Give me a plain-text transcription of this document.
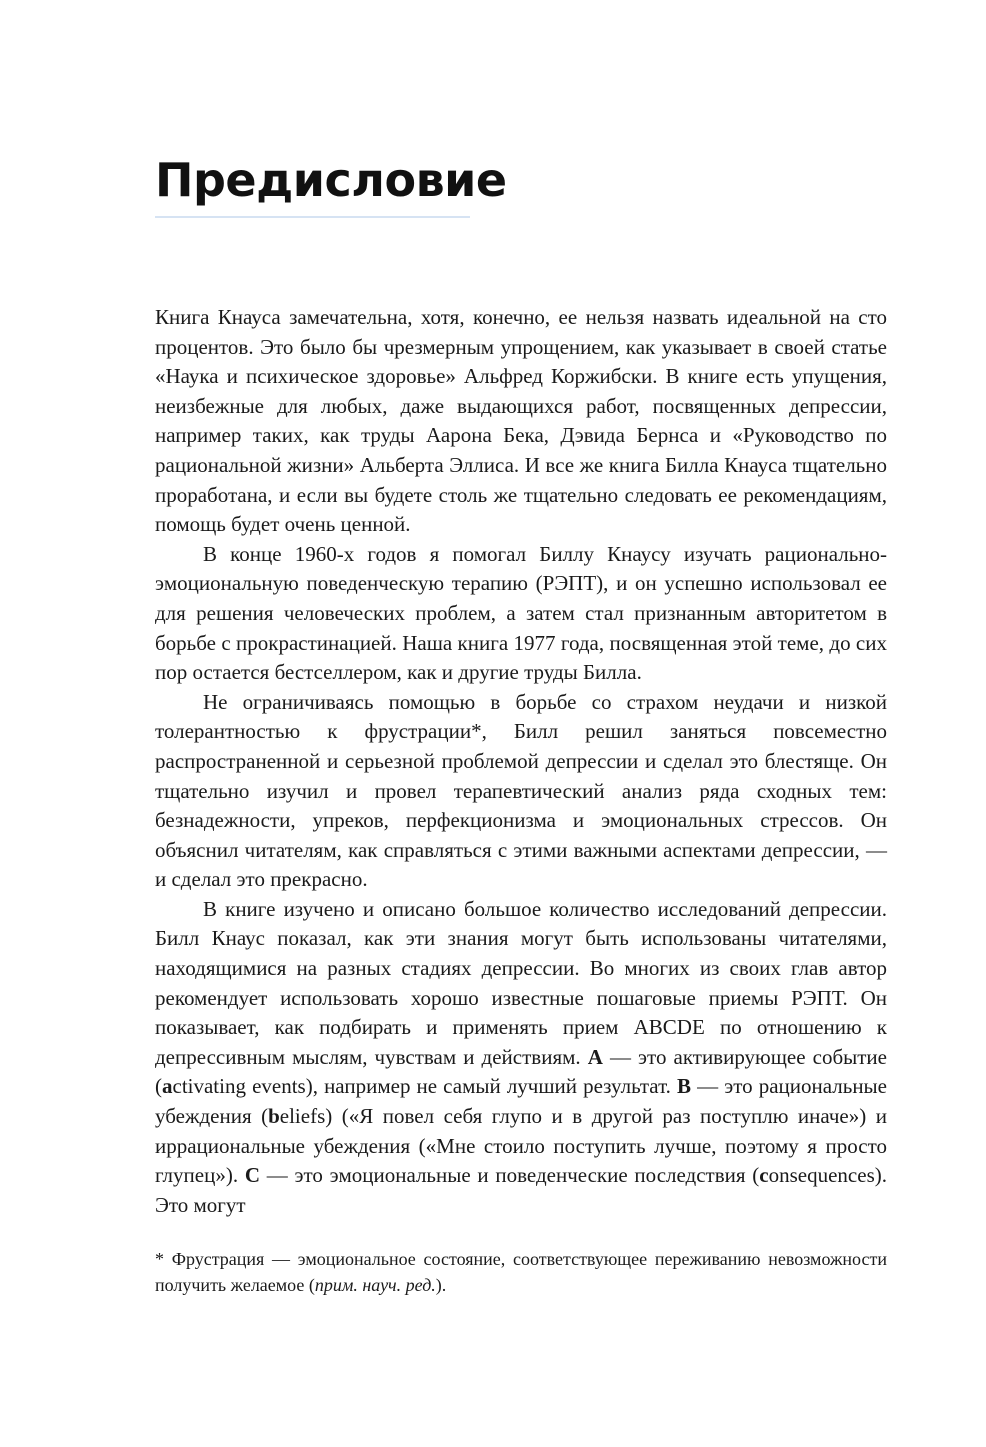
Предисловие

Книга Кнауса замечательна, хотя, конечно, ее нельзя назвать идеальной на сто процентов. Это было бы чрезмерным упрощением, как указывает в своей статье «Наука и психическое здоровье» Альфред Коржибски. В книге есть упущения, неизбежные для любых, даже выдающихся работ, посвященных депрессии, например таких, как труды Аарона Бека, Дэвида Бернса и «Руководство по рациональной жизни» Альберта Эллиса. И все же книга Билла Кнауса тщательно проработана, и если вы будете столь же тщательно следовать ее рекомендациям, помощь будет очень ценной.

В конце 1960-х годов я помогал Биллу Кнаусу изучать рационально-эмоциональную поведенческую терапию (РЭПТ), и он успешно использовал ее для решения человеческих проблем, а затем стал признанным авторитетом в борьбе с прокрастинацией. Наша книга 1977 года, посвященная этой теме, до сих пор остается бестселлером, как и другие труды Билла.

Не ограничиваясь помощью в борьбе со страхом неудачи и низкой толерантностью к фрустрации*, Билл решил заняться повсеместно распространенной и серьезной проблемой депрессии и сделал это блестяще. Он тщательно изучил и провел терапевтический анализ ряда сходных тем: безнадежности, упреков, перфекционизма и эмоциональных стрессов. Он объяснил читателям, как справляться с этими важными аспектами депрессии, — и сделал это прекрасно.

В книге изучено и описано большое количество исследований депрессии. Билл Кнаус показал, как эти знания могут быть использованы читателями, находящимися на разных стадиях депрессии. Во многих из своих глав автор рекомендует использовать хорошо известные пошаговые приемы РЭПТ. Он показывает, как подбирать и применять прием ABCDE по отношению к депрессивным мыслям, чувствам и действиям. A — это активирующее событие (activating events), например не самый лучший результат. B — это рациональные убеждения (beliefs) («Я повел себя глупо и в другой раз поступлю иначе») и иррациональные убеждения («Мне стоило поступить лучше, поэтому я просто глупец»). C — это эмоциональные и поведенческие последствия (consequences). Это могут

* Фрустрация — эмоциональное состояние, соответствующее переживанию невозможности получить желаемое (прим. науч. ред.).
